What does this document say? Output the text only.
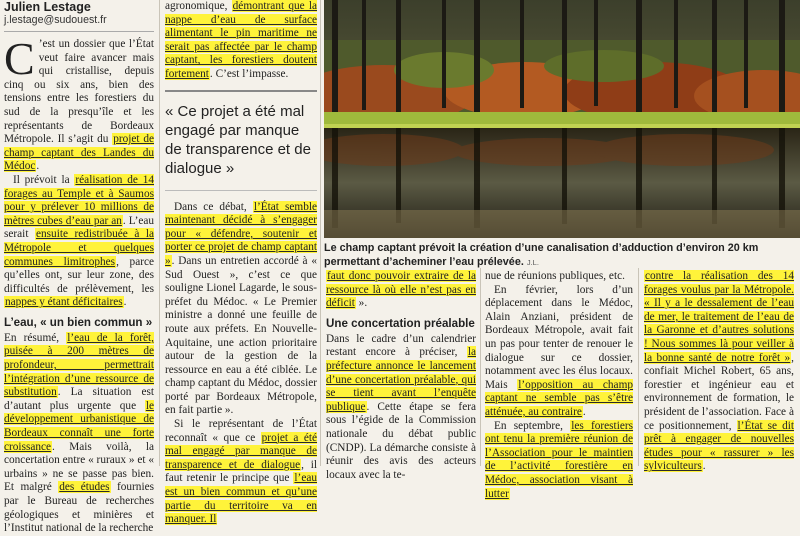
Julien Lestage
j.lestage@sudouest.fr

C ’est un dossier que l’État veut faire avancer mais qui cristallise, depuis cinq ou six ans, bien des tensions entre les forestiers du sud de la presqu’île et les représentants de Bordeaux Métropole. Il s’agit du projet de champ captant des Landes du Médoc.

Il prévoit la réalisation de 14 forages au Temple et à Saumos pour y prélever 10 millions de mètres cubes d’eau par an. L’eau serait ensuite redistribuée à la Métropole et quelques communes limitrophes, parce qu’elles ont, sur leur zone, des difficultés de prélèvement, les nappes y étant déficitaires.

L’eau, « un bien commun »

En résumé, l’eau de la forêt, puisée à 200 mètres de profondeur, permettrait l’intégration d’une ressource de substitution. La situation est d’autant plus urgente que le développement urbanistique de Bordeaux connaît une forte croissance. Mais voilà, la concertation entre « ruraux » et « urbains » ne se passe pas bien. Et malgré des études fournies par le Bureau de recherches géologiques et minières et l’Institut national de la recherche

agronomique, démontrant que la nappe d’eau de surface alimentant le pin maritime ne serait pas affectée par le champ captant, les forestiers doutent fortement. C’est l’impasse.

« Ce projet a été mal engagé par manque de transparence et de dialogue »

Dans ce débat, l’État semble maintenant décidé à s’engager pour « défendre, soutenir et porter ce projet de champ captant ». Dans un entretien accordé à « Sud Ouest », c’est ce que souligne Lionel Lagarde, le sous-préfet du Médoc. « Le Premier ministre a donné une feuille de route aux préfets. En Nouvelle-Aquitaine, une action prioritaire autour de la gestion de la ressource en eau a été ciblée. Le champ captant du Médoc, dossier porté par Bordeaux Métropole, en fait partie ».

Si le représentant de l’État reconnaît « que ce projet a été mal engagé par manque de transparence et de dialogue, il faut retenir le principe que l’eau est un bien commun et qu’une partie du territoire va en manquer. Il

Le champ captant prévoit la création d’une canalisation d’adduction d’environ 20 km permettant d’acheminer l’eau prélevée. J.L.

faut donc pouvoir extraire de la ressource là où elle n’est pas en déficit ».

Une concertation préalable

Dans le cadre d’un calendrier restant encore à préciser, la préfecture annonce le lancement d’une concertation préalable, qui se tient avant l’enquête publique. Cette étape se fera sous l’égide de la Commission nationale du débat public (CNDP). La démarche consiste à réunir des avis des acteurs locaux avec la te-

nue de réunions publiques, etc.

En février, lors d’un déplacement dans le Médoc, Alain Anziani, président de Bordeaux Métropole, avait fait un pas pour tenter de renouer le dialogue sur ce dossier, notamment avec les élus locaux. Mais l’opposition au champ captant ne semble pas s’être atténuée, au contraire.

En septembre, les forestiers ont tenu la première réunion de l’Association pour le maintien de l’activité forestière en Médoc, association visant à lutter

contre la réalisation des 14 forages voulus par la Métropole. « Il y a le dessalement de l’eau de mer, le traitement de l’eau de la Garonne et d’autres solutions ! Nous sommes là pour veiller à la bonne santé de notre forêt », confiait Michel Robert, 65 ans, forestier et ingénieur eau et environnement de formation, le président de l’association. Face à ce positionnement, l’État se dit prêt à engager de nouvelles études pour « rassurer » les sylviculteurs.
